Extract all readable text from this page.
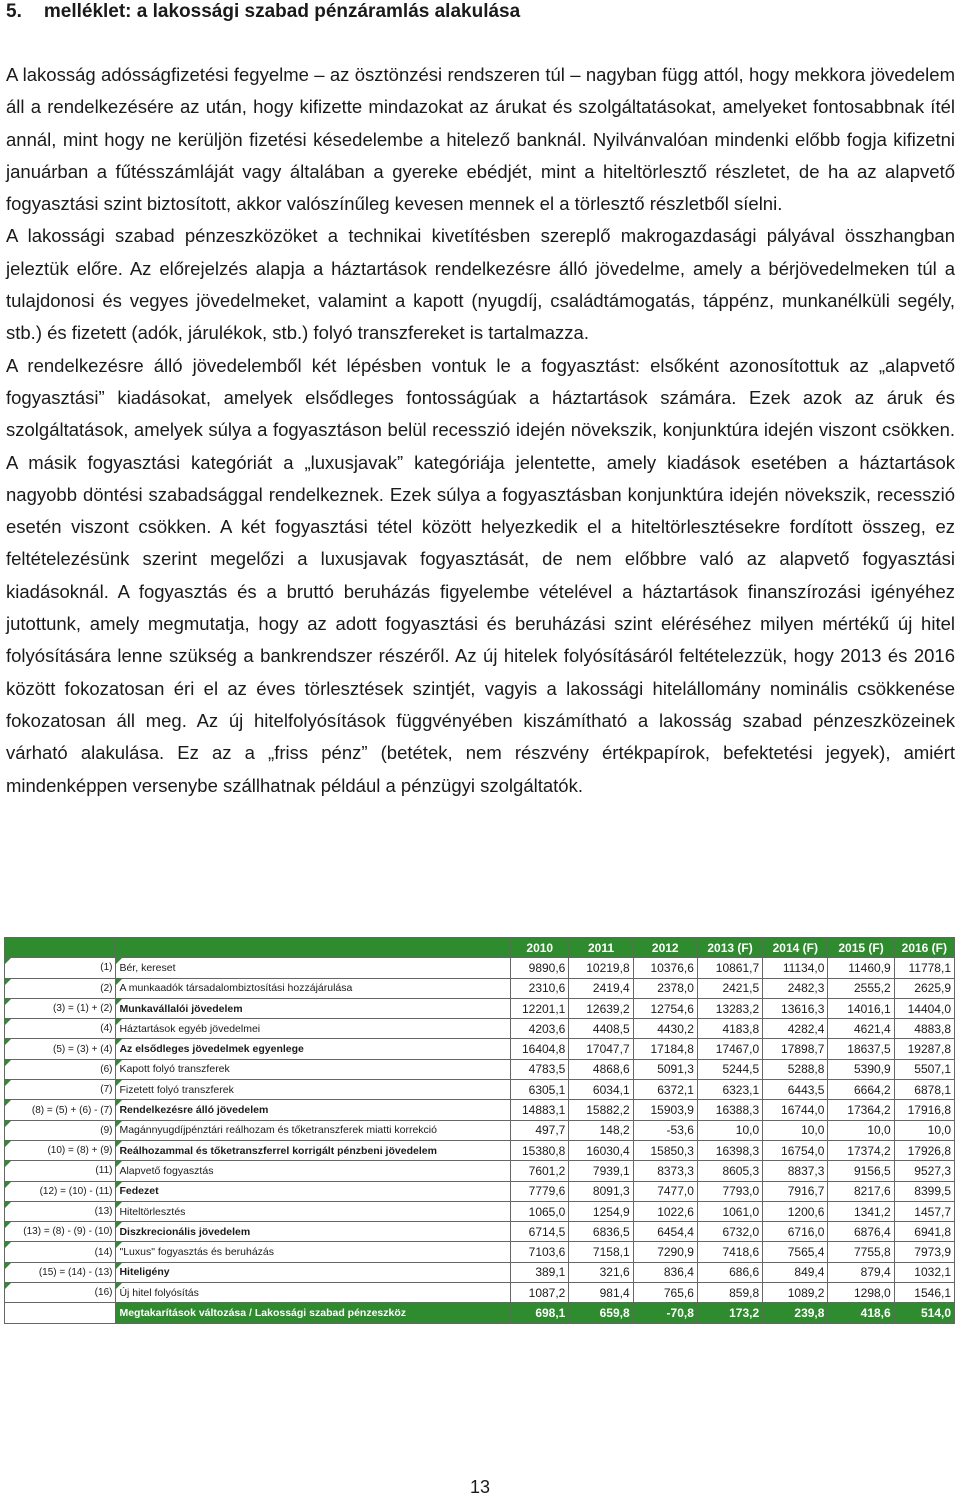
5. melléklet: a lakossági szabad pénzáramlás alakulása

A lakosság adósságfizetési fegyelme – az ösztönzési rendszeren túl – nagyban függ attól, hogy mekkora jövedelem áll a rendelkezésére az után, hogy kifizette mindazokat az árukat és szolgáltatásokat, amelyeket fontosabbnak ítél annál, mint hogy ne kerüljön fizetési késedelembe a hitelező banknál. Nyilvánvalóan mindenki előbb fogja kifizetni januárban a fűtésszámláját vagy általában a gyereke ebédjét, mint a hiteltörlesztő részletet, de ha az alapvető fogyasztási szint biztosított, akkor valószínűleg kevesen mennek el a törlesztő részletből síelni.

A lakossági szabad pénzeszközöket a technikai kivetítésben szereplő makrogazdasági pályával összhangban jeleztük előre. Az előrejelzés alapja a háztartások rendelkezésre álló jövedelme, amely a bérjövedelmeken túl a tulajdonosi és vegyes jövedelmeket, valamint a kapott (nyugdíj, családtámogatás, táppénz, munkanélküli segély, stb.) és fizetett (adók, járulékok, stb.) folyó transzfereket is tartalmazza.

A rendelkezésre álló jövedelemből két lépésben vontuk le a fogyasztást: elsőként azonosítottuk az „alapvető fogyasztási” kiadásokat, amelyek elsődleges fontosságúak a háztartások számára. Ezek azok az áruk és szolgáltatások, amelyek súlya a fogyasztáson belül recesszió idején növekszik, konjunktúra idején viszont csökken. A másik fogyasztási kategóriát a „luxusjavak” kategóriája jelentette, amely kiadások esetében a háztartások nagyobb döntési szabadsággal rendelkeznek. Ezek súlya a fogyasztásban konjunktúra idején növekszik, recesszió esetén viszont csökken. A két fogyasztási tétel között helyezkedik el a hiteltörlesztésekre fordított összeg, ez feltételezésünk szerint megelőzi a luxusjavak fogyasztását, de nem előbbre való az alapvető fogyasztási kiadásoknál. A fogyasztás és a bruttó beruházás figyelembe vételével a háztartások finanszírozási igényéhez jutottunk, amely megmutatja, hogy az adott fogyasztási és beruházási szint eléréséhez milyen mértékű új hitel folyósítására lenne szükség a bankrendszer részéről. Az új hitelek folyósításáról feltételezzük, hogy 2013 és 2016 között fokozatosan éri el az éves törlesztések szintjét, vagyis a lakossági hitelállomány nominális csökkenése fokozatosan áll meg. Az új hitelfolyósítások függvényében kiszámítható a lakosság szabad pénzeszközeinek várható alakulása. Ez az a „friss pénz” (betétek, nem részvény értékpapírok, befektetési jegyek), amiért mindenképpen versenybe szállhatnak például a pénzügyi szolgáltatók.

		2010	2011	2012	2013 (F)	2014 (F)	2015 (F)	2016 (F)
(1)	Bér, kereset	9890,6	10219,8	10376,6	10861,7	11134,0	11460,9	11778,1
(2)	A munkaadók társadalombiztosítási hozzájárulása	2310,6	2419,4	2378,0	2421,5	2482,3	2555,2	2625,9
(3) = (1) + (2)	Munkavállalói jövedelem	12201,1	12639,2	12754,6	13283,2	13616,3	14016,1	14404,0
(4)	Háztartások egyéb jövedelmei	4203,6	4408,5	4430,2	4183,8	4282,4	4621,4	4883,8
(5) = (3) + (4)	Az elsődleges jövedelmek egyenlege	16404,8	17047,7	17184,8	17467,0	17898,7	18637,5	19287,8
(6)	Kapott folyó transzferek	4783,5	4868,6	5091,3	5244,5	5288,8	5390,9	5507,1
(7)	Fizetett folyó transzferek	6305,1	6034,1	6372,1	6323,1	6443,5	6664,2	6878,1
(8) = (5) + (6) - (7)	Rendelkezésre álló jövedelem	14883,1	15882,2	15903,9	16388,3	16744,0	17364,2	17916,8
(9)	Magánnyugdíjpénztári reálhozam és tőketranszferek miatti korrekció	497,7	148,2	-53,6	10,0	10,0	10,0	10,0
(10) = (8) + (9)	Reálhozammal és tőketranszferrel korrigált pénzbeni jövedelem	15380,8	16030,4	15850,3	16398,3	16754,0	17374,2	17926,8
(11)	Alapvető fogyasztás	7601,2	7939,1	8373,3	8605,3	8837,3	9156,5	9527,3
(12) = (10) - (11)	Fedezet	7779,6	8091,3	7477,0	7793,0	7916,7	8217,6	8399,5
(13)	Hiteltörlesztés	1065,0	1254,9	1022,6	1061,0	1200,6	1341,2	1457,7
(13) = (8) - (9) - (10)	Diszkrecionális jövedelem	6714,5	6836,5	6454,4	6732,0	6716,0	6876,4	6941,8
(14)	"Luxus" fogyasztás és beruházás	7103,6	7158,1	7290,9	7418,6	7565,4	7755,8	7973,9
(15) = (14) - (13)	Hiteligény	389,1	321,6	836,4	686,6	849,4	879,4	1032,1
(16)	Új hitel folyósítás	1087,2	981,4	765,6	859,8	1089,2	1298,0	1546,1
(17) = (16) - (15)	Megtakarítások változása / Lakossági szabad pénzeszköz	698,1	659,8	-70,8	173,2	239,8	418,6	514,0
13
